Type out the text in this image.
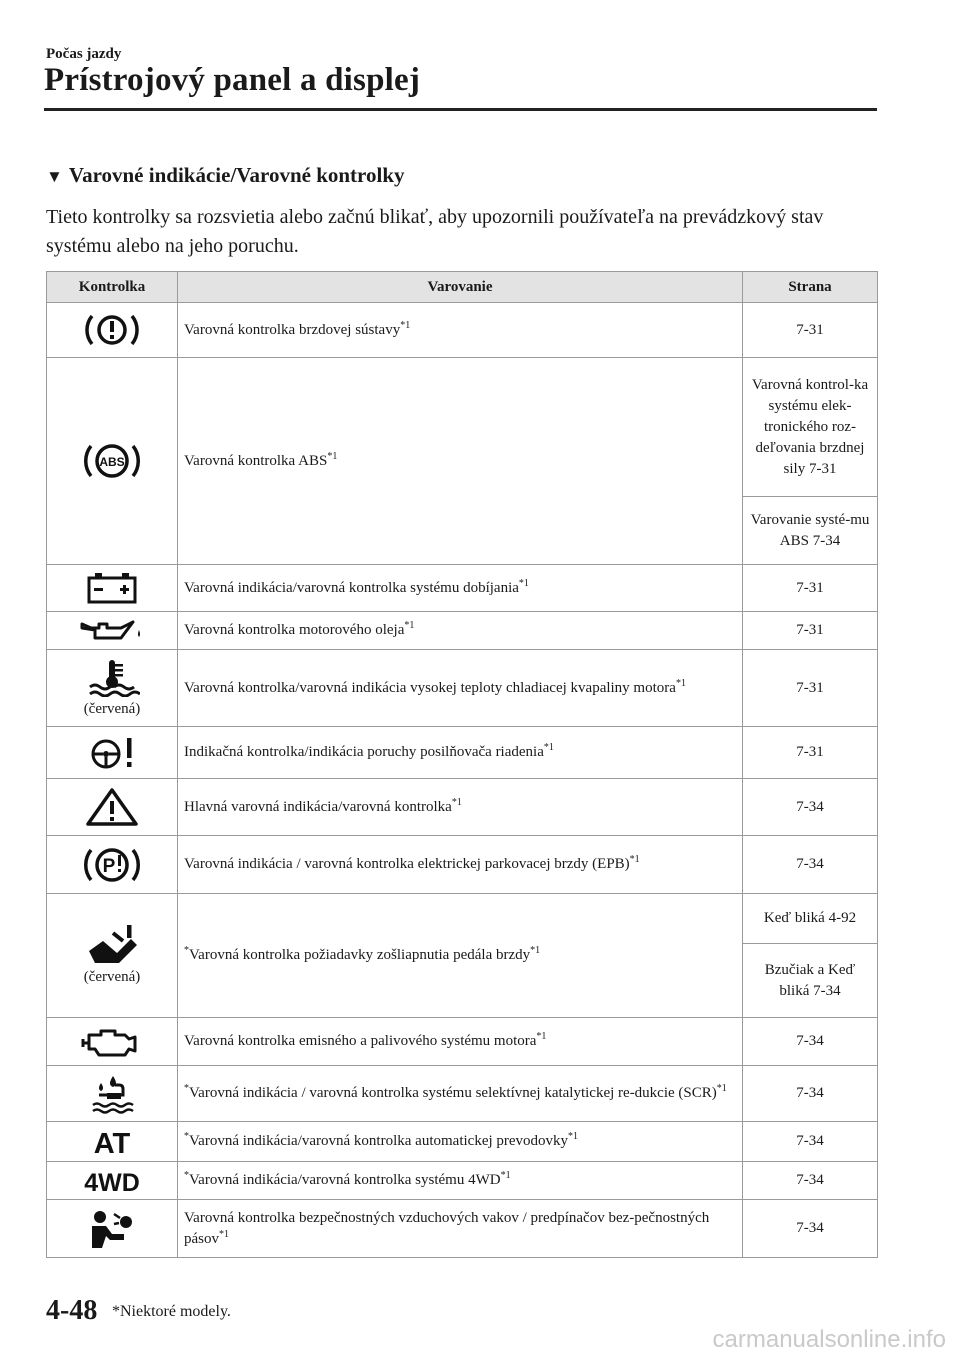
Počas jazdy
Prístrojový panel a displej
▼ Varovné indikácie/Varovné kontrolky
Tieto kontrolky sa rozsvietia alebo začnú blikať, aby upozornili používateľa na prevádzkový stav systému alebo na jeho poruchu.
Kontrolka	Varovanie	Strana

	Varovná kontrolka brzdovej sústavy$^{*1}$	7-31

ABS	Varovná kontrolka ABS$^{*1}$	Varovná kontrol-ka systému elek-tronického roz-deľovania brzdnej sily 7-31
		Varovanie systé-mu ABS 7-34

	Varovná indikácia/varovná kontrolka systému dobíjania$^{*1}$	7-31

	Varovná kontrolka motorového oleja$^{*1}$	7-31

(červená)	Varovná kontrolka/varovná indikácia vysokej teploty chladiacej kvapaliny motora$^{*1}$	7-31

	Indikačná kontrolka/indikácia poruchy posilňovača riadenia$^{*1}$	7-31

	Hlavná varovná indikácia/varovná kontrolka$^{*1}$	7-34

P	Varovná indikácia / varovná kontrolka elektrickej parkovacej brzdy (EPB)$^{*1}$	7-34

(červená)	*Varovná kontrolka požiadavky zošliapnutia pedála brzdy$^{*1}$	Keď bliká 4-92
		Bzučiak a Keď bliká 7-34

	Varovná kontrolka emisného a palivového systému motora$^{*1}$	7-34

	*Varovná indikácia / varovná kontrolka systému selektívnej katalytickej re-dukcie (SCR)$^{*1}$	7-34

AT	*Varovná indikácia/varovná kontrolka automatickej prevodovky$^{*1}$	7-34

4WD	*Varovná indikácia/varovná kontrolka systému 4WD$^{*1}$	7-34

	Varovná kontrolka bezpečnostných vzduchových vakov / predpínačov bez-pečnostných pásov$^{*1}$	7-34
4-48 *Niektoré modely.
carmanualsonline.info
